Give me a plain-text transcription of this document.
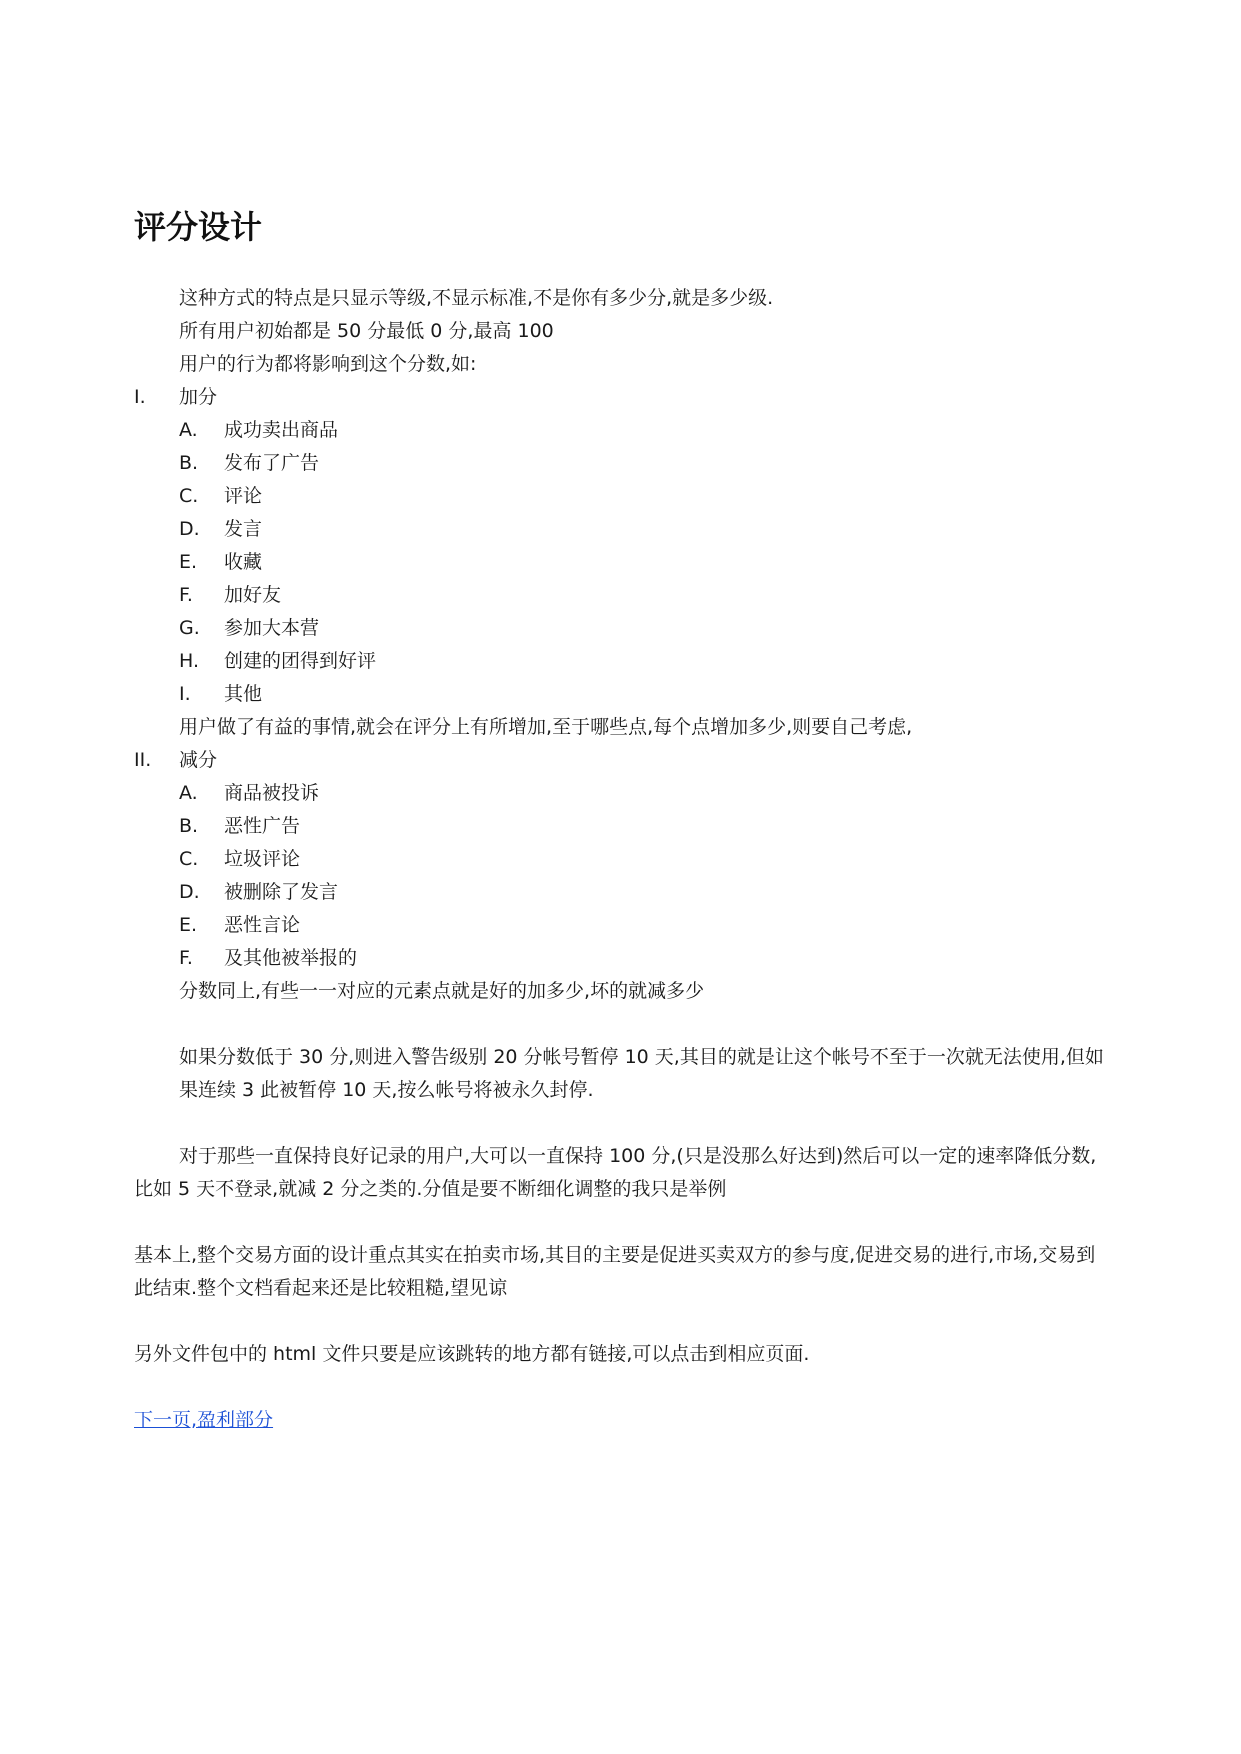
评分设计
这种方式的特点是只显示等级,不显示标准,不是你有多少分,就是多少级.
所有用户初始都是 50 分最低 0 分,最高 100
用户的行为都将影响到这个分数,如:
I.	加分
A.	成功卖出商品
B.	发布了广告
C.	评论
D.	发言
E.	收藏
F.	加好友
G.	参加大本营
H.	创建的团得到好评
I.	其他
用户做了有益的事情,就会在评分上有所增加,至于哪些点,每个点增加多少,则要自己考虑,
II.	减分
A.	商品被投诉
B.	恶性广告
C.	垃圾评论
D.	被删除了发言
E.	恶性言论
F.	及其他被举报的
分数同上,有些一一对应的元素点就是好的加多少,坏的就减多少
如果分数低于 30 分,则进入警告级别 20 分帐号暂停 10 天,其目的就是让这个帐号不至于一次就无法使用,但如果连续 3 此被暂停 10 天,按么帐号将被永久封停.
对于那些一直保持良好记录的用户,大可以一直保持 100 分,(只是没那么好达到)然后可以一定的速率降低分数,比如 5 天不登录,就减 2 分之类的.分值是要不断细化调整的我只是举例
基本上,整个交易方面的设计重点其实在拍卖市场,其目的主要是促进买卖双方的参与度,促进交易的进行,市场,交易到此结束.整个文档看起来还是比较粗糙,望见谅
另外文件包中的 html 文件只要是应该跳转的地方都有链接,可以点击到相应页面.
下一页,盈利部分
